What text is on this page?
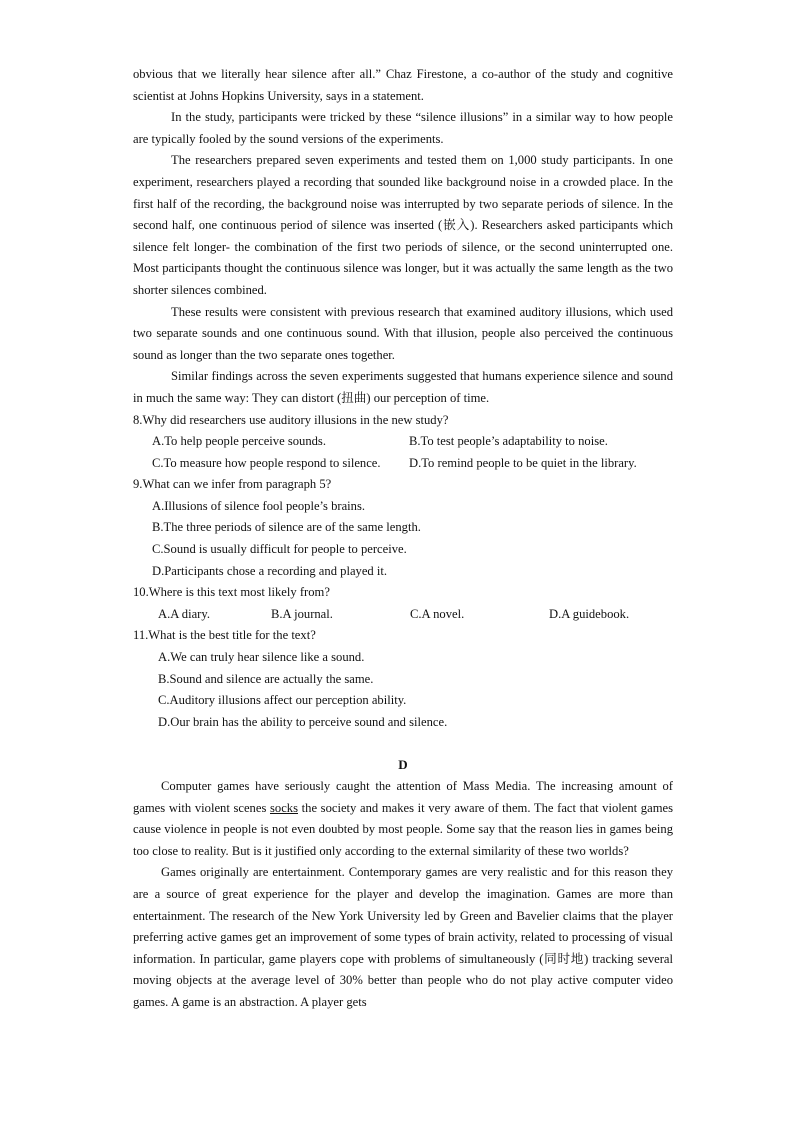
obvious that we literally hear silence after all.” Chaz Firestone, a co-author of the study and cognitive scientist at Johns Hopkins University, says in a statement.

In the study, participants were tricked by these “silence illusions” in a similar way to how people are typically fooled by the sound versions of the experiments.

The researchers prepared seven experiments and tested them on 1,000 study participants. In one experiment, researchers played a recording that sounded like background noise in a crowded place. In the first half of the recording, the background noise was interrupted by two separate periods of silence. In the second half, one continuous period of silence was inserted (嵌入). Researchers asked participants which silence felt longer- the combination of the first two periods of silence, or the second uninterrupted one. Most participants thought the continuous silence was longer, but it was actually the same length as the two shorter silences combined.

These results were consistent with previous research that examined auditory illusions, which used two separate sounds and one continuous sound. With that illusion, people also perceived the continuous sound as longer than the two separate ones together.

Similar findings across the seven experiments suggested that humans experience silence and sound in much the same way: They can distort (扭曲) our perception of time.

8.Why did researchers use auditory illusions in the new study?
A.To help people perceive sounds.	B.To test people’s adaptability to noise.
C.To measure how people respond to silence.	D.To remind people to be quiet in the library.
9.What can we infer from paragraph 5?
A.Illusions of silence fool people’s brains.
B.The three periods of silence are of the same length.
C.Sound is usually difficult for people to perceive.
D.Participants chose a recording and played it.
10.Where is this text most likely from?
A.A diary.	B.A journal.	C.A novel.	D.A guidebook.
11.What is the best title for the text?
A.We can truly hear silence like a sound.
B.Sound and silence are actually the same.
C.Auditory illusions affect our perception ability.
D.Our brain has the ability to perceive sound and silence.
D

Computer games have seriously caught the attention of Mass Media. The increasing amount of games with violent scenes socks the society and makes it very aware of them. The fact that violent games cause violence in people is not even doubted by most people. Some say that the reason lies in games being too close to reality. But is it justified only according to the external similarity of these two worlds?

Games originally are entertainment. Contemporary games are very realistic and for this reason they are a source of great experience for the player and develop the imagination. Games are more than entertainment. The research of the New York University led by Green and Bavelier claims that the player preferring active games get an improvement of some types of brain activity, related to processing of visual information. In particular, game players cope with problems of simultaneously (同时地) tracking several moving objects at the average level of 30% better than people who do not play active computer video games. A game is an abstraction. A player gets
